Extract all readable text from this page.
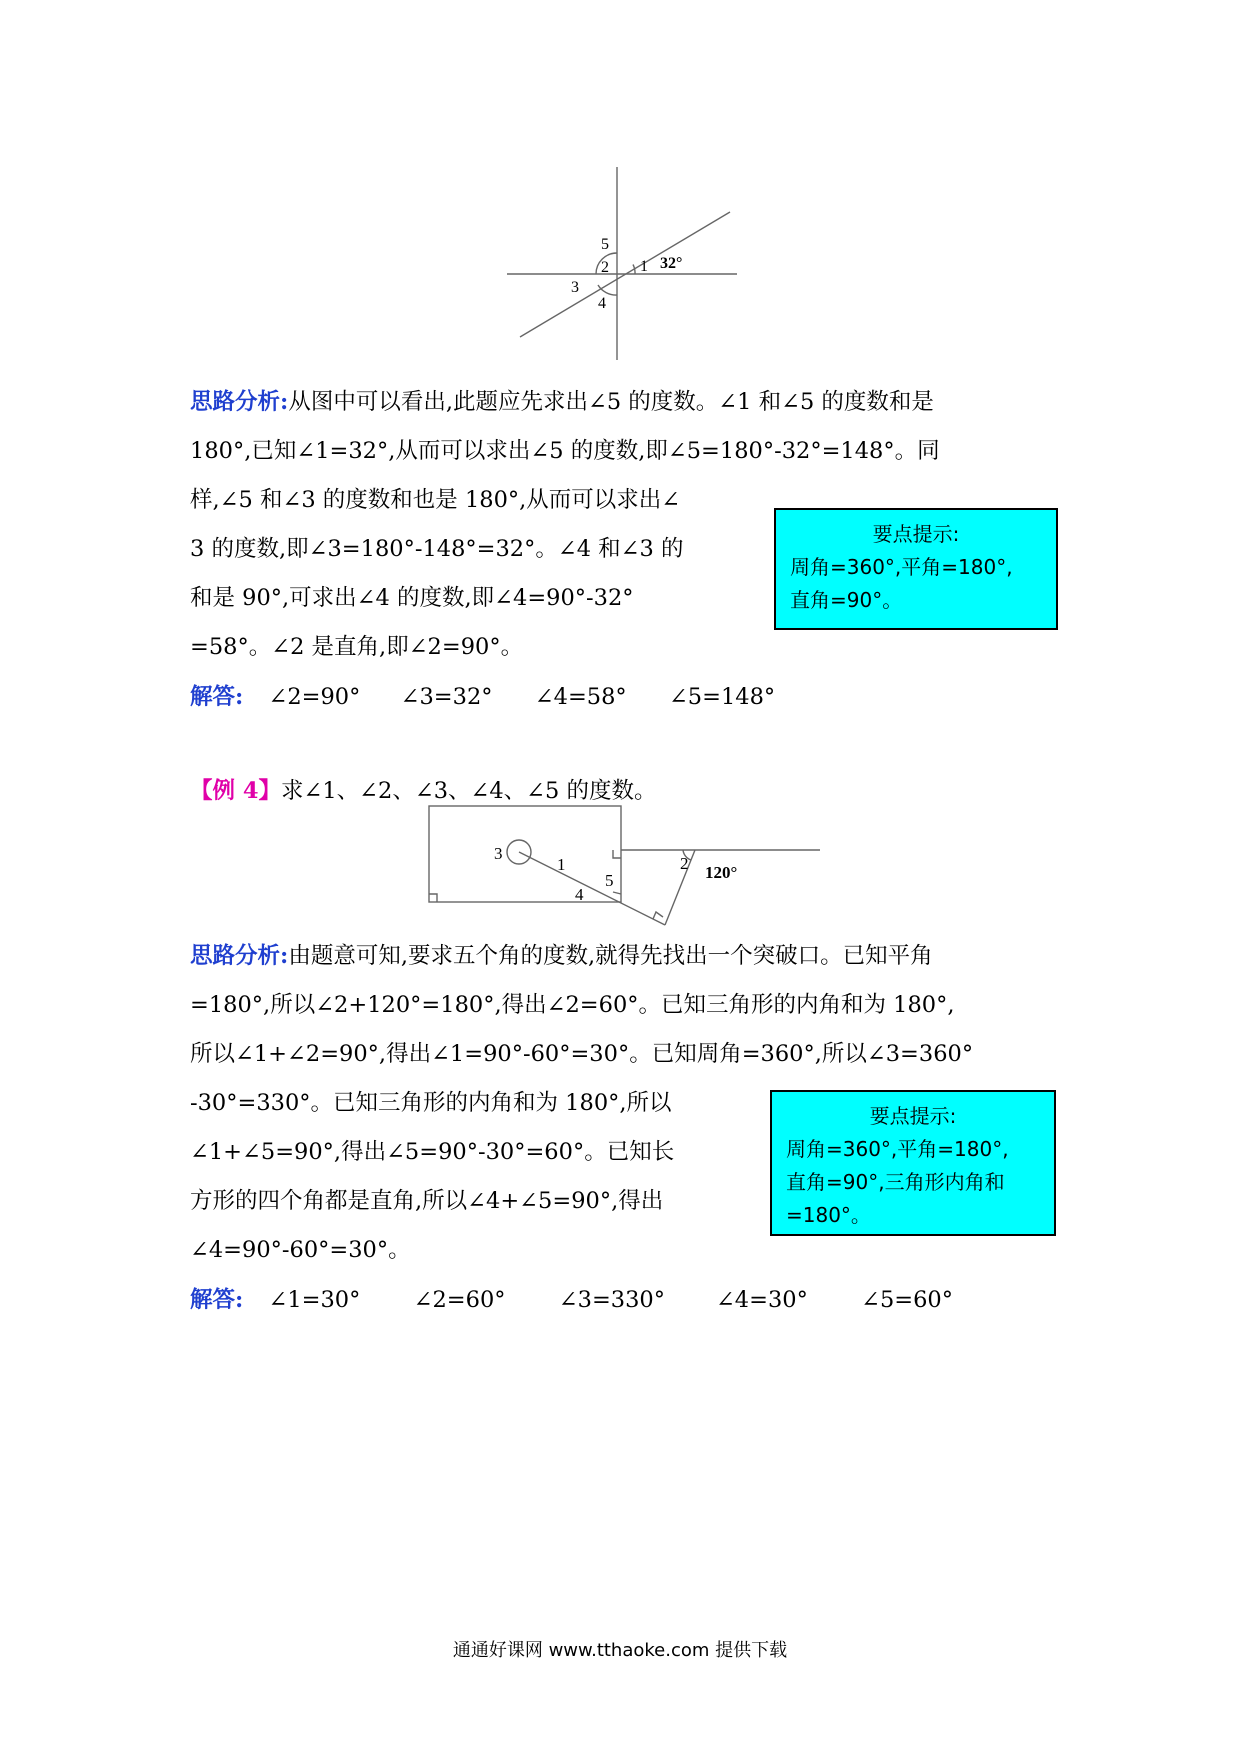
5
2 1 32°
3
4

思路分析:从图中可以看出,此题应先求出∠5 的度数。∠1 和∠5 的度数和是

180°,已知∠1=32°,从而可以求出∠5 的度数,即∠5=180°-32°=148°。同

样,∠5 和∠3 的度数和也是 180°,从而可以求出∠
3 的度数,即∠3=180°-148°=32°。∠4 和∠3 的
和是 90°,可求出∠4 的度数,即∠4=90°-32°
=58°。∠2 是直角,即∠2=90°。

要点提示:
周角=360°,平角=180°,
直角=90°。
解答: ∠2=90° ∠3=32° ∠4=58° ∠5=148°
【例 4】求∠1、∠2、∠3、∠4、∠5 的度数。
3
1
5
4
2 120°

思路分析:由题意可知,要求五个角的度数,就得先找出一个突破口。已知平角

=180°,所以∠2+120°=180°,得出∠2=60°。已知三角形的内角和为 180°,

所以∠1+∠2=90°,得出∠1=90°-60°=30°。已知周角=360°,所以∠3=360°

-30°=330°。已知三角形的内角和为 180°,所以
∠1+∠5=90°,得出∠5=90°-30°=60°。已知长
方形的四个角都是直角,所以∠4+∠5=90°,得出
∠4=90°-60°=30°。

要点提示:
周角=360°,平角=180°,
直角=90°,三角形内角和
=180°。
解答: ∠1=30° ∠2=60° ∠3=330° ∠4=30° ∠5=60°
通通好课网 www.tthaoke.com 提供下载
